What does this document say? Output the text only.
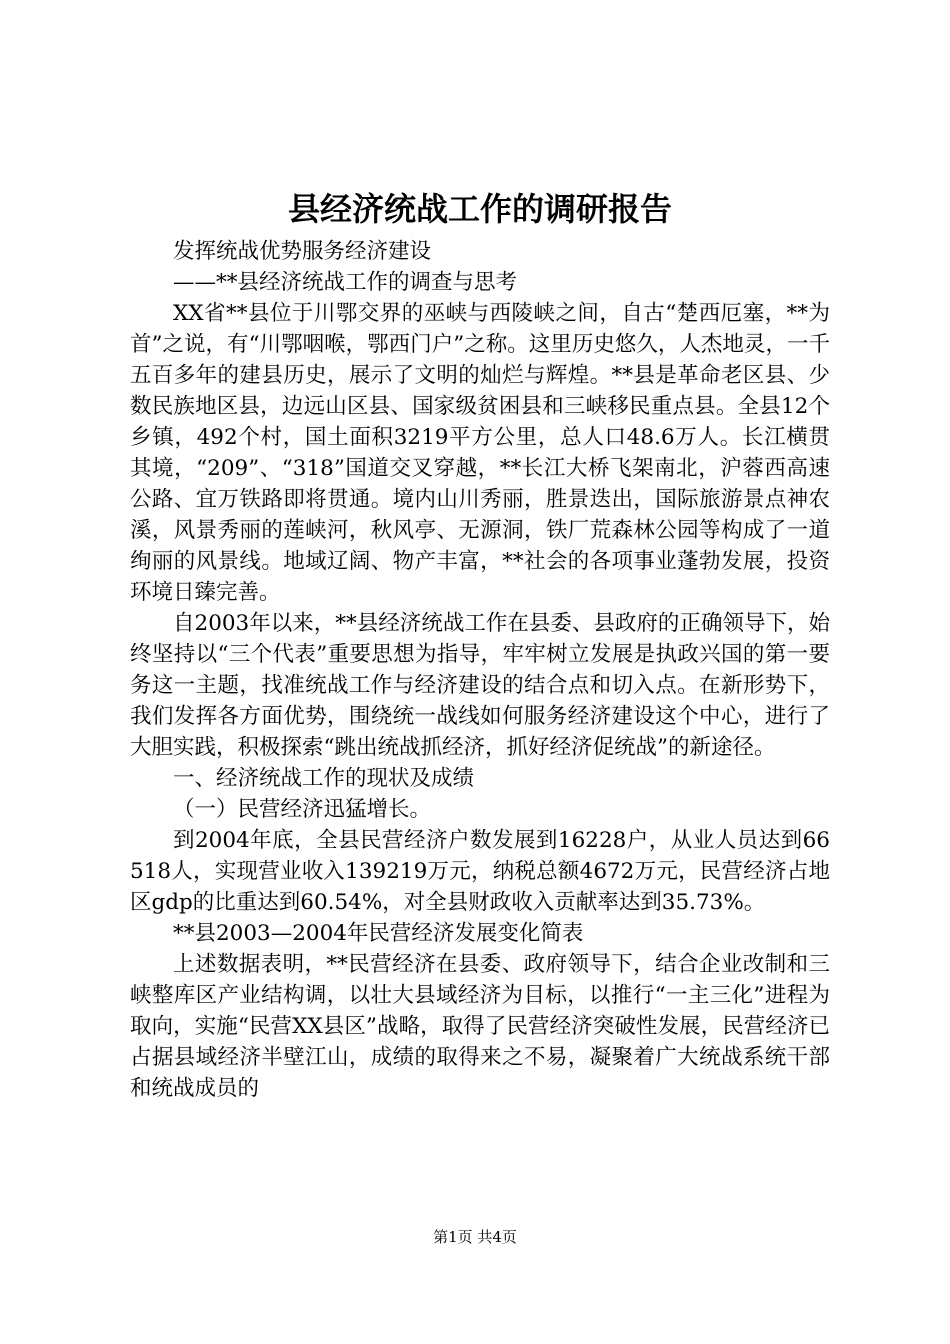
县经济统战工作的调研报告

发挥统战优势服务经济建设

——**县经济统战工作的调查与思考

XX省**县位于川鄂交界的巫峡与西陵峡之间，自古“楚西厄塞，**为首”之说，有“川鄂咽喉，鄂西门户”之称。这里历史悠久，人杰地灵，一千五百多年的建县历史，展示了文明的灿烂与辉煌。**县是革命老区县、少数民族地区县，边远山区县、国家级贫困县和三峡移民重点县。全县12个乡镇，492个村，国土面积3219平方公里，总人口48.6万人。长江横贯其境，“209”、“318”国道交叉穿越，**长江大桥飞架南北，沪蓉西高速公路、宜万铁路即将贯通。境内山川秀丽，胜景迭出，国际旅游景点神农溪，风景秀丽的莲峡河，秋风亭、无源洞，铁厂荒森林公园等构成了一道绚丽的风景线。地域辽阔、物产丰富，**社会的各项事业蓬勃发展，投资环境日臻完善。

自2003年以来，**县经济统战工作在县委、县政府的正确领导下，始终坚持以“三个代表”重要思想为指导，牢牢树立发展是执政兴国的第一要务这一主题，找准统战工作与经济建设的结合点和切入点。在新形势下，我们发挥各方面优势，围绕统一战线如何服务经济建设这个中心，进行了大胆实践，积极探索“跳出统战抓经济，抓好经济促统战”的新途径。

一、经济统战工作的现状及成绩

（一）民营经济迅猛增长。

到2004年底，全县民营经济户数发展到16228户，从业人员达到66518人，实现营业收入139219万元，纳税总额4672万元，民营经济占地区gdp的比重达到60.54%，对全县财政收入贡献率达到35.73%。

**县2003—2004年民营经济发展变化简表

上述数据表明，**民营经济在县委、政府领导下，结合企业改制和三峡整库区产业结构调，以壮大县域经济为目标，以推行“一主三化”进程为取向，实施“民营XX县区”战略，取得了民营经济突破性发展，民营经济已占据县域经济半壁江山，成绩的取得来之不易，凝聚着广大统战系统干部和统战成员的

第1页 共4页
